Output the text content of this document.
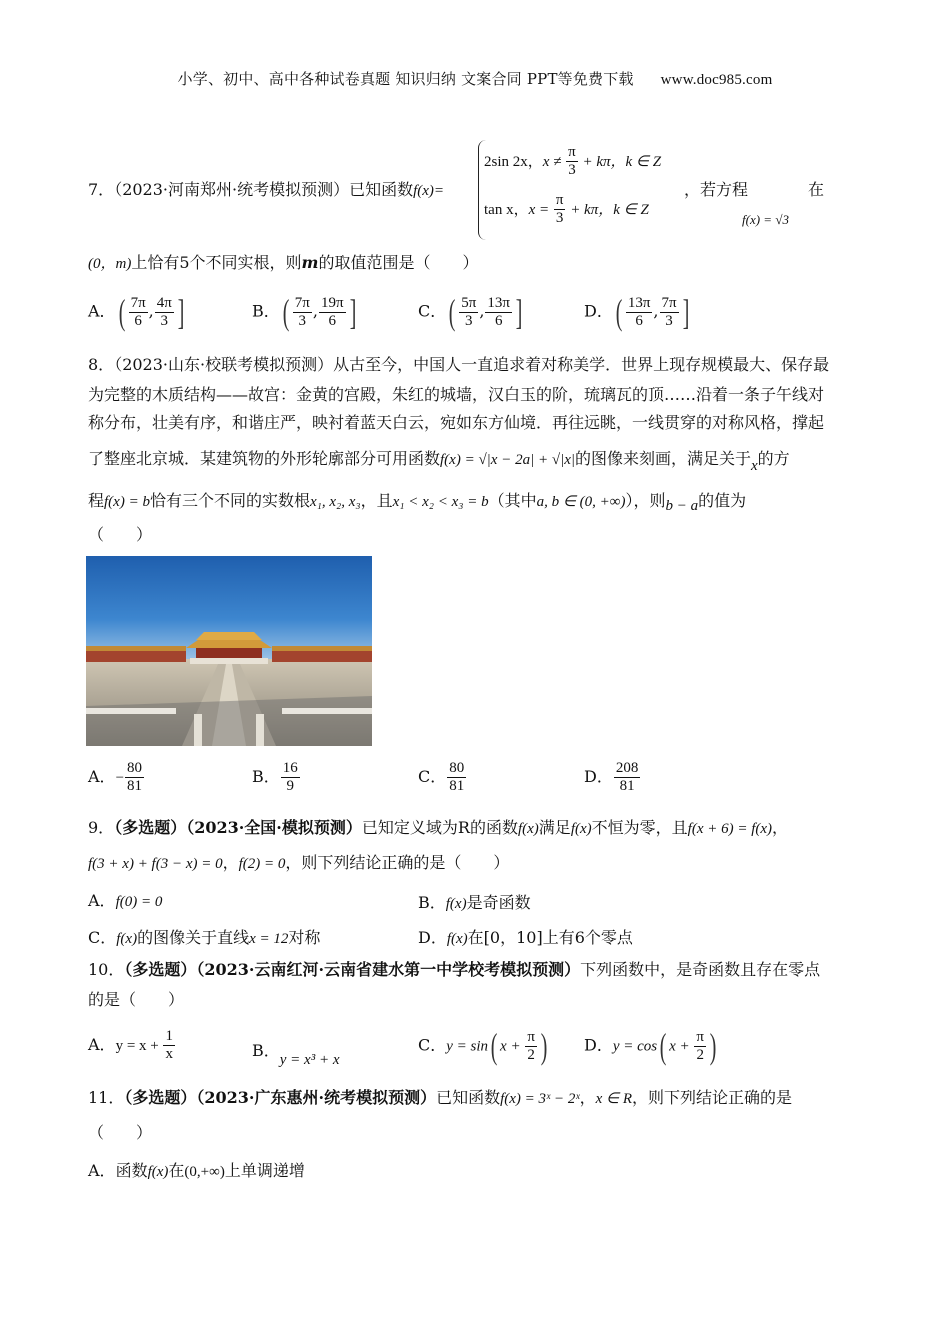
小学、初中、高中各种试卷真题 知识归纳 文案合同 PPT等免费下载 www.doc985.com
7．（2023·河南郑州·统考模拟预测）已知函数f(x)=
2sin 2x，$x \ne \frac{\pi}{3} + k\pi$，k ∈ Z
tan x，$x = \frac{\pi}{3} + k\pi$，k ∈ Z
，若方程	在
f(x) = √3
(0，m)上恰有5个不同实根，则m的取值范围是（　　）
A．( $\frac{7\pi}{6}$ , $\frac{4\pi}{3}$ ]	B．( $\frac{7\pi}{3}$ , $\frac{19\pi}{6}$ ]	C．( $\frac{5\pi}{3}$ , $\frac{13\pi}{6}$ ]	D．( $\frac{13\pi}{6}$ , $\frac{7\pi}{3}$ ]
8．（2023·山东·校联考模拟预测）从古至今，中国人一直追求着对称美学．世界上现存规模最大、保存最
为完整的木质结构——故宫：金黄的宫殿，朱红的城墙，汉白玉的阶，琉璃瓦的顶……沿着一条子午线对
称分布，壮美有序，和谐庄严，映衬着蓝天白云，宛如东方仙境．再往远眺，一线贯穿的对称风格，撑起
了整座北京城．某建筑物的外形轮廓部分可用函数f(x) = √|x − 2a| + √|x|的图像来刻画，满足关于x的方
程f(x) = b恰有三个不同的实数根x₁, x₂, x₃，且x₁ < x₂ < x₃ = b（其中a, b ∈ (0, +∞)），则b − a的值为
（　　）
A．− $\frac{80}{81}$	B． $\frac{16}{9}$	C． $\frac{80}{81}$	D． $\frac{208}{81}$
9．（多选题）（2023·全国·模拟预测）已知定义域为R的函数f(x)满足f(x)不恒为零，且f(x + 6) = f(x)，
f(3 + x) + f(3 − x) = 0，f(2) = 0，则下列结论正确的是（　　）
A．f(0) = 0	B．f(x)是奇函数
C．f(x)的图像关于直线x = 12对称	D．f(x)在[0，10]上有6个零点
10．（多选题）（2023·云南红河·云南省建水第一中学校考模拟预测）下列函数中，是奇函数且存在零点
的是（　　）
A．$y = x + \frac{1}{x}$	B．y = x³ + x
C．y = sin( $x + \frac{\pi}{2}$ ) D．y = cos( $x + \frac{\pi}{2}$ )
11．（多选题）（2023·广东惠州·统考模拟预测）已知函数f(x) = 3ˣ − 2ˣ，x ∈ R，则下列结论正确的是
（　　）
A．函数f(x)在(0,+∞)上单调递增
